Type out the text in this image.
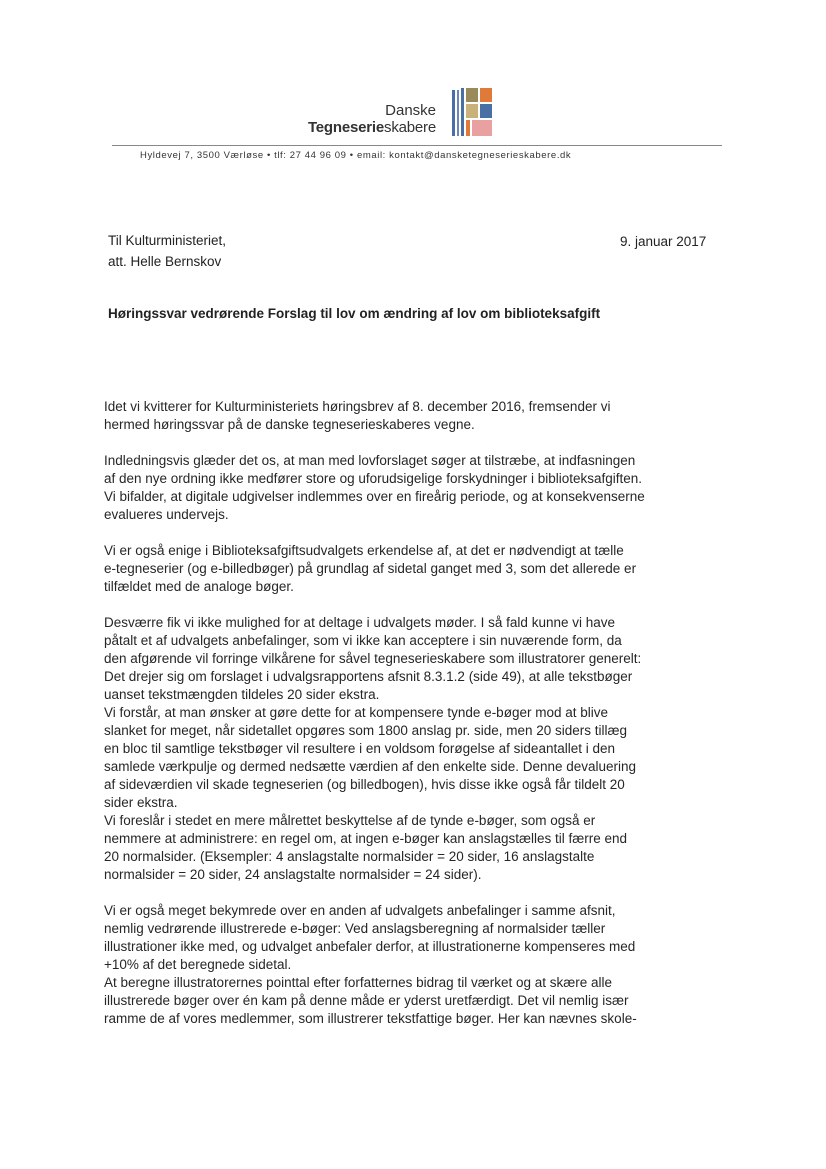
Danske
Tegneserieskabere
Hyldevej 7, 3500 Værløse • tlf: 27 44 96 09 • email: kontakt@dansketegneserieskabere.dk
Til Kulturministeriet,
att. Helle Bernskov
9. januar 2017
Høringssvar vedrørende Forslag til lov om ændring af lov om biblioteksafgift
Idet vi kvitterer for Kulturministeriets høringsbrev af 8. december 2016, fremsender vi
hermed høringssvar på de danske tegneserieskaberes vegne.
Indledningsvis glæder det os, at man med lovforslaget søger at tilstræbe, at indfasningen
af den nye ordning ikke medfører store og uforudsigelige forskydninger i biblioteksafgiften.
Vi bifalder, at digitale udgivelser indlemmes over en fireårig periode, og at konsekvenserne
evalueres undervejs.
Vi er også enige i Biblioteksafgiftsudvalgets erkendelse af, at det er nødvendigt at tælle
e-tegneserier (og e-billedbøger) på grundlag af sidetal ganget med 3, som det allerede er
tilfældet med de analoge bøger.
Desværre fik vi ikke mulighed for at deltage i udvalgets møder. I så fald kunne vi have
påtalt et af udvalgets anbefalinger, som vi ikke kan acceptere i sin nuværende form, da
den afgørende vil forringe vilkårene for såvel tegneserieskabere som illustratorer generelt:
Det drejer sig om forslaget i udvalgsrapportens afsnit 8.3.1.2 (side 49), at alle tekstbøger
uanset tekstmængden tildeles 20 sider ekstra.
Vi forstår, at man ønsker at gøre dette for at kompensere tynde e-bøger mod at blive
slanket for meget, når sidetallet opgøres som 1800 anslag pr. side, men 20 siders tillæg
en bloc til samtlige tekstbøger vil resultere i en voldsom forøgelse af sideantallet i den
samlede værkpulje og dermed nedsætte værdien af den enkelte side. Denne devaluering
af sideværdien vil skade tegneserien (og billedbogen), hvis disse ikke også får tildelt 20
sider ekstra.
Vi foreslår i stedet en mere målrettet beskyttelse af de tynde e-bøger, som også er
nemmere at administrere: en regel om, at ingen e-bøger kan anslagstælles til færre end
20 normalsider. (Eksempler: 4 anslagstalte normalsider = 20 sider, 16 anslagstalte
normalsider = 20 sider, 24 anslagstalte normalsider = 24 sider).
Vi er også meget bekymrede over en anden af udvalgets anbefalinger i samme afsnit,
nemlig vedrørende illustrerede e-bøger: Ved anslagsberegning af normalsider tæller
illustrationer ikke med, og udvalget anbefaler derfor, at illustrationerne kompenseres med
+10% af det beregnede sidetal.
At beregne illustratorernes pointtal efter forfatternes bidrag til værket og at skære alle
illustrerede bøger over én kam på denne måde er yderst uretfærdigt. Det vil nemlig især
ramme de af vores medlemmer, som illustrerer tekstfattige bøger. Her kan nævnes skole-
